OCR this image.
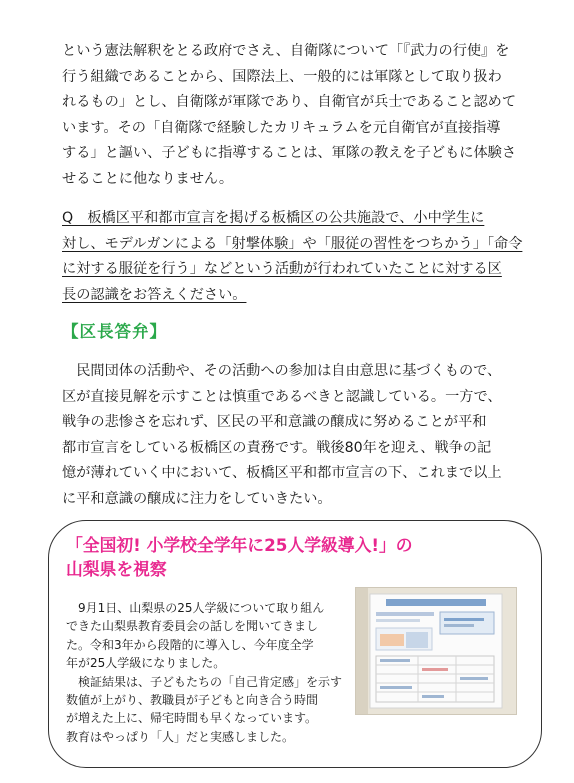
という憲法解釈をとる政府でさえ、自衛隊について「『武力の行使』を
行う組織であることから、国際法上、一般的には軍隊として取り扱わ
れるもの」とし、自衛隊が軍隊であり、自衛官が兵士であること認めて
います。その「自衛隊で経験したカリキュラムを元自衛官が直接指導
する」と謳い、子どもに指導することは、軍隊の教えを子どもに体験さ
せることに他なりません。

Q　板橋区平和都市宣言を掲げる板橋区の公共施設で、小中学生に
対し、モデルガンによる「射撃体験」や「服従の習性をつちかう」「命令
に対する服従を行う」などという活動が行われていたことに対する区
長の認識をお答えください。

【区長答弁】

　民間団体の活動や、その活動への参加は自由意思に基づくもので、
区が直接見解を示すことは慎重であるべきと認識している。一方で、
戦争の悲惨さを忘れず、区民の平和意識の醸成に努めることが平和
都市宣言をしている板橋区の責務です。戦後80年を迎え、戦争の記
憶が薄れていく中において、板橋区平和都市宣言の下、これまで以上
に平和意識の醸成に注力をしていきたい。

「全国初! 小学校全学年に25人学級導入!」の
山梨県を視察

　9月1日、山梨県の25人学級について取り組ん
できた山梨県教育委員会の話しを聞いてきまし
た。令和3年から段階的に導入し、今年度全学
年が25人学級になりました。
　検証結果は、子どもたちの「自己肯定感」を示す
数値が上がり、教職員が子どもと向き合う時間
が増えた上に、帰宅時間も早くなっています。
教育はやっぱり「人」だと実感しました。
